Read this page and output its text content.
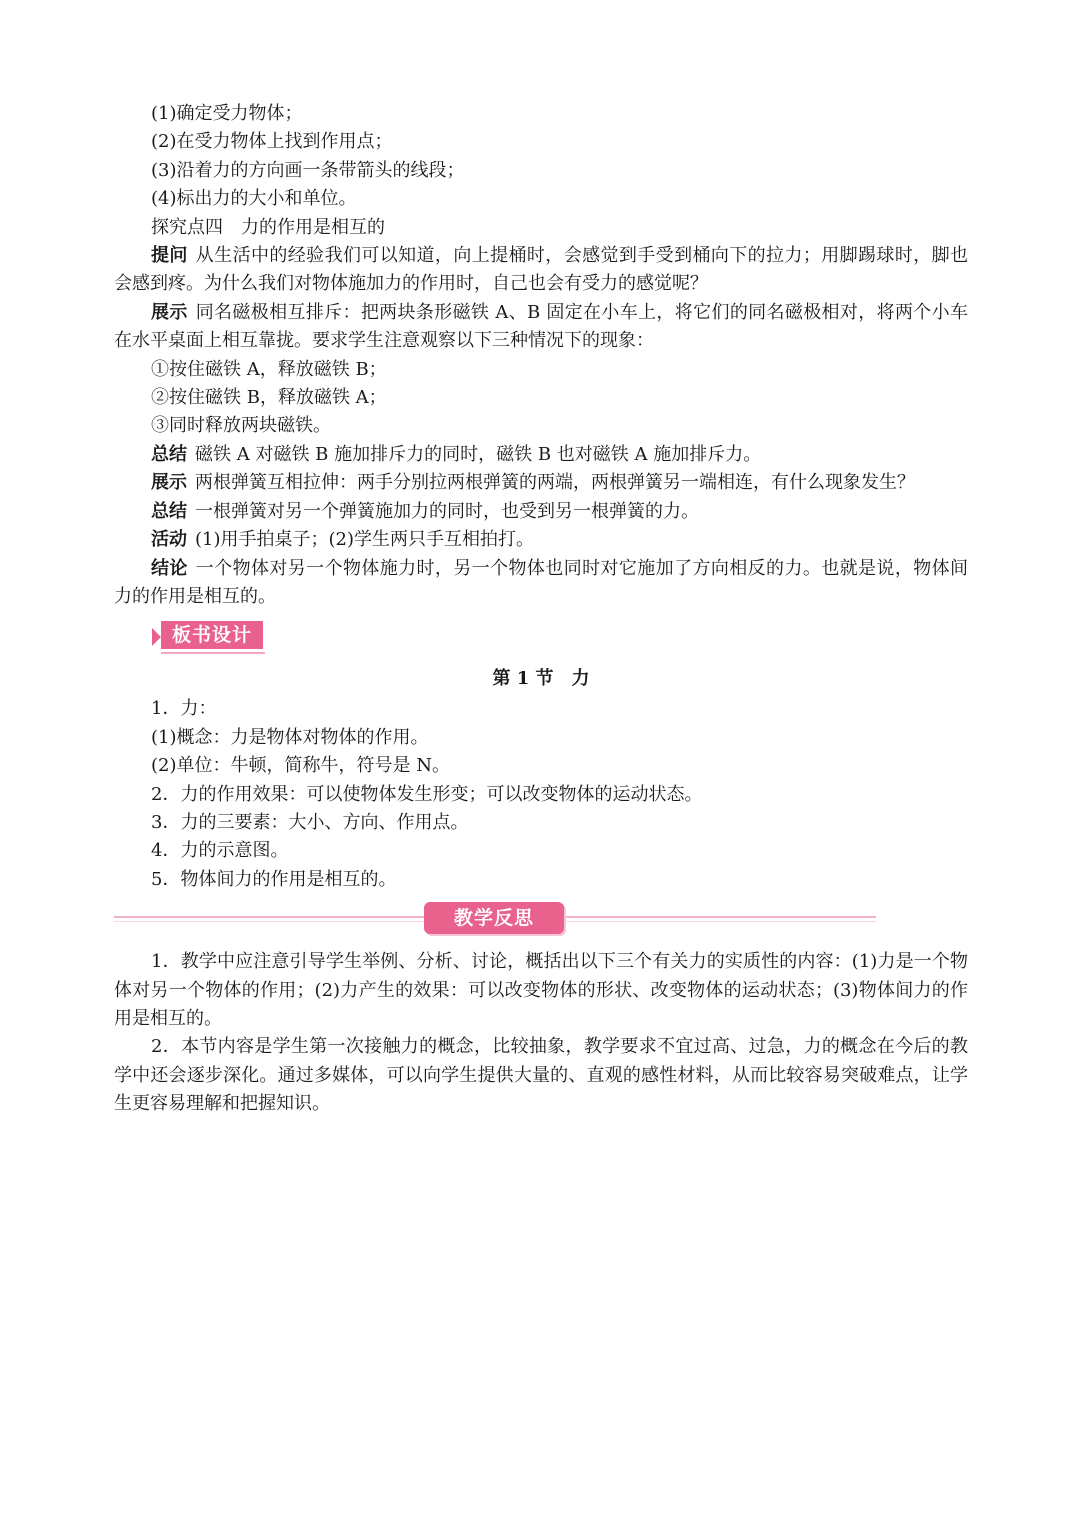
(1)确定受力物体；

(2)在受力物体上找到作用点；

(3)沿着力的方向画一条带箭头的线段；

(4)标出力的大小和单位。

探究点四　力的作用是相互的

提问 从生活中的经验我们可以知道，向上提桶时，会感觉到手受到桶向下的拉力；用脚踢球时，脚也会感到疼。为什么我们对物体施加力的作用时，自己也会有受力的感觉呢？

展示 同名磁极相互排斥：把两块条形磁铁 A、B 固定在小车上，将它们的同名磁极相对，将两个小车在水平桌面上相互靠拢。要求学生注意观察以下三种情况下的现象：

①按住磁铁 A，释放磁铁 B；

②按住磁铁 B，释放磁铁 A；

③同时释放两块磁铁。

总结 磁铁 A 对磁铁 B 施加排斥力的同时，磁铁 B 也对磁铁 A 施加排斥力。

展示 两根弹簧互相拉伸：两手分别拉两根弹簧的两端，两根弹簧另一端相连，有什么现象发生？

总结 一根弹簧对另一个弹簧施加力的同时，也受到另一根弹簧的力。

活动 (1)用手拍桌子；(2)学生两只手互相拍打。

结论 一个物体对另一个物体施力时，另一个物体也同时对它施加了方向相反的力。也就是说，物体间力的作用是相互的。

板书设计
第 1 节　力

1．力：

(1)概念：力是物体对物体的作用。

(2)单位：牛顿，简称牛，符号是 N。

2．力的作用效果：可以使物体发生形变；可以改变物体的运动状态。

3．力的三要素：大小、方向、作用点。

4．力的示意图。

5．物体间力的作用是相互的。

教学反思

1．教学中应注意引导学生举例、分析、讨论，概括出以下三个有关力的实质性的内容：(1)力是一个物体对另一个物体的作用；(2)力产生的效果：可以改变物体的形状、改变物体的运动状态；(3)物体间力的作用是相互的。

2．本节内容是学生第一次接触力的概念，比较抽象，教学要求不宜过高、过急，力的概念在今后的教学中还会逐步深化。通过多媒体，可以向学生提供大量的、直观的感性材料，从而比较容易突破难点，让学生更容易理解和把握知识。
